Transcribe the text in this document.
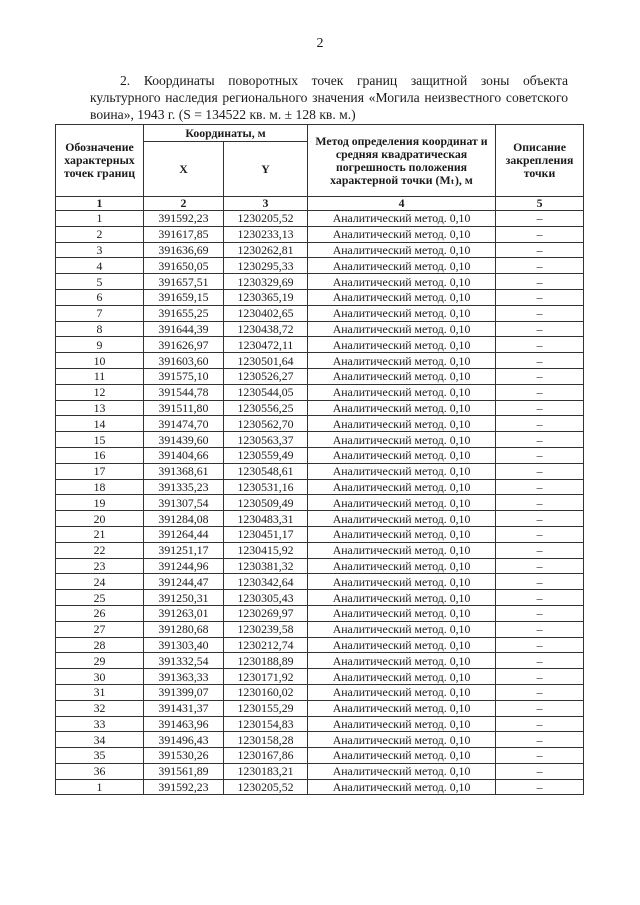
2
2. Координаты поворотных точек границ защитной зоны объекта культурного наследия регионального значения «Могила неизвестного советского воина», 1943 г. (S = 134522 кв. м. ± 128 кв. м.)
Обозначение характерных точек границ	Координаты, м		Метод определения координат и средняя квадратическая погрешность положения характерной точки (Mₜ), м	Описание закрепления точки
	X	Y		
1	2	3	4	5
1	391592,23	1230205,52	Аналитический метод. 0,10	–
2	391617,85	1230233,13	Аналитический метод. 0,10	–
3	391636,69	1230262,81	Аналитический метод. 0,10	–
4	391650,05	1230295,33	Аналитический метод. 0,10	–
5	391657,51	1230329,69	Аналитический метод. 0,10	–
6	391659,15	1230365,19	Аналитический метод. 0,10	–
7	391655,25	1230402,65	Аналитический метод. 0,10	–
8	391644,39	1230438,72	Аналитический метод. 0,10	–
9	391626,97	1230472,11	Аналитический метод. 0,10	–
10	391603,60	1230501,64	Аналитический метод. 0,10	–
11	391575,10	1230526,27	Аналитический метод. 0,10	–
12	391544,78	1230544,05	Аналитический метод. 0,10	–
13	391511,80	1230556,25	Аналитический метод. 0,10	–
14	391474,70	1230562,70	Аналитический метод. 0,10	–
15	391439,60	1230563,37	Аналитический метод. 0,10	–
16	391404,66	1230559,49	Аналитический метод. 0,10	–
17	391368,61	1230548,61	Аналитический метод. 0,10	–
18	391335,23	1230531,16	Аналитический метод. 0,10	–
19	391307,54	1230509,49	Аналитический метод. 0,10	–
20	391284,08	1230483,31	Аналитический метод. 0,10	–
21	391264,44	1230451,17	Аналитический метод. 0,10	–
22	391251,17	1230415,92	Аналитический метод. 0,10	–
23	391244,96	1230381,32	Аналитический метод. 0,10	–
24	391244,47	1230342,64	Аналитический метод. 0,10	–
25	391250,31	1230305,43	Аналитический метод. 0,10	–
26	391263,01	1230269,97	Аналитический метод. 0,10	–
27	391280,68	1230239,58	Аналитический метод. 0,10	–
28	391303,40	1230212,74	Аналитический метод. 0,10	–
29	391332,54	1230188,89	Аналитический метод. 0,10	–
30	391363,33	1230171,92	Аналитический метод. 0,10	–
31	391399,07	1230160,02	Аналитический метод. 0,10	–
32	391431,37	1230155,29	Аналитический метод. 0,10	–
33	391463,96	1230154,83	Аналитический метод. 0,10	–
34	391496,43	1230158,28	Аналитический метод. 0,10	–
35	391530,26	1230167,86	Аналитический метод. 0,10	–
36	391561,89	1230183,21	Аналитический метод. 0,10	–
1	391592,23	1230205,52	Аналитический метод. 0,10	–
